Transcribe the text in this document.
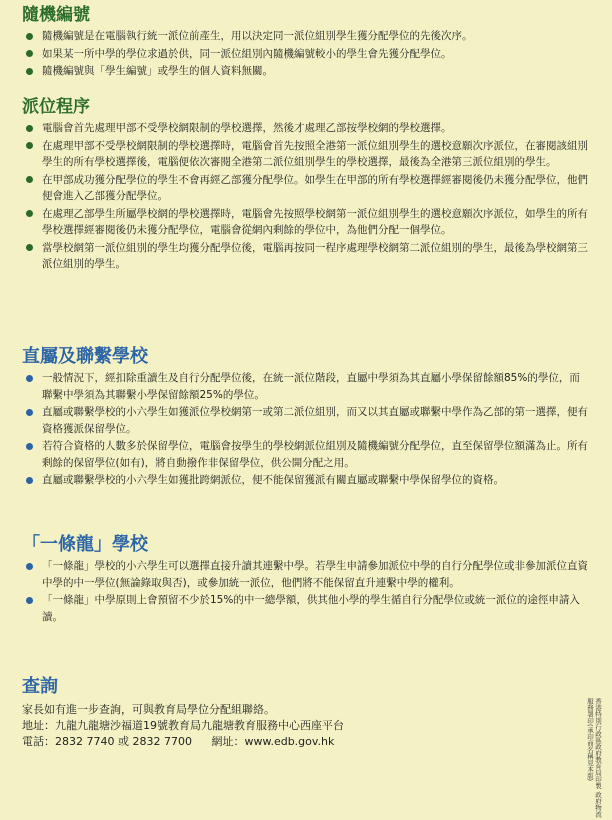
隨機編號
隨機編號是在電腦執行統一派位前產生，用以決定同一派位組別學生獲分配學位的先後次序。
如果某一所中學的學位求過於供，同一派位組別內隨機編號較小的學生會先獲分配學位。
隨機編號與「學生編號」或學生的個人資料無關。
派位程序
電腦會首先處理甲部不受學校網限制的學校選擇，然後才處理乙部按學校網的學校選擇。
在處理甲部不受學校網限制的學校選擇時，電腦會首先按照全港第一派位組別學生的選校意願次序派位，在審閱該組別學生的所有學校選擇後，電腦便依次審閱全港第二派位組別學生的學校選擇，最後為全港第三派位組別的學生。
在甲部成功獲分配學位的學生不會再經乙部獲分配學位。如學生在甲部的所有學校選擇經審閱後仍未獲分配學位，他們便會進入乙部獲分配學位。
在處理乙部學生所屬學校網的學校選擇時，電腦會先按照學校網第一派位組別學生的選校意願次序派位，如學生的所有學校選擇經審閱後仍未獲分配學位，電腦會從網內剩餘的學位中，為他們分配一個學位。
當學校網第一派位組別的學生均獲分配學位後，電腦再按同一程序處理學校網第二派位組別的學生，最後為學校網第三派位組別的學生。
直屬及聯繫學校
一般情況下，經扣除重讀生及自行分配學位後，在統一派位階段，直屬中學須為其直屬小學保留餘額85%的學位，而聯繫中學須為其聯繫小學保留餘額25%的學位。
直屬或聯繫學校的小六學生如獲派位學校網第一或第二派位組別，而又以其直屬或聯繫中學作為乙部的第一選擇，便有資格獲派保留學位。
若符合資格的人數多於保留學位，電腦會按學生的學校網派位組別及隨機編號分配學位，直至保留學位額滿為止。所有剩餘的保留學位(如有)，將自動撥作非保留學位，供公開分配之用。
直屬或聯繫學校的小六學生如獲批跨網派位，便不能保留獲派有關直屬或聯繫中學保留學位的資格。
「一條龍」學校
「一條龍」學校的小六學生可以選擇直接升讀其連繫中學。若學生申請參加派位中學的自行分配學位或非參加派位直資中學的中一學位(無論錄取與否)，或參加統一派位，他們將不能保留直升連繫中學的權利。
「一條龍」中學原則上會預留不少於15%的中一總學額，供其他小學的學生循自行分配學位或統一派位的途徑申請入讀。
查詢
家長如有進一步查詢，可與教育局學位分配組聯絡。
地址：九龍九龍塘沙福道19號教育局九龍塘教育服務中心西座平台
電話：2832 7740 或 2832 7700 網址：www.edb.gov.hk	香港特別行政區政府教育局印製 政府物流服務署印(承印商名稱見本版)
